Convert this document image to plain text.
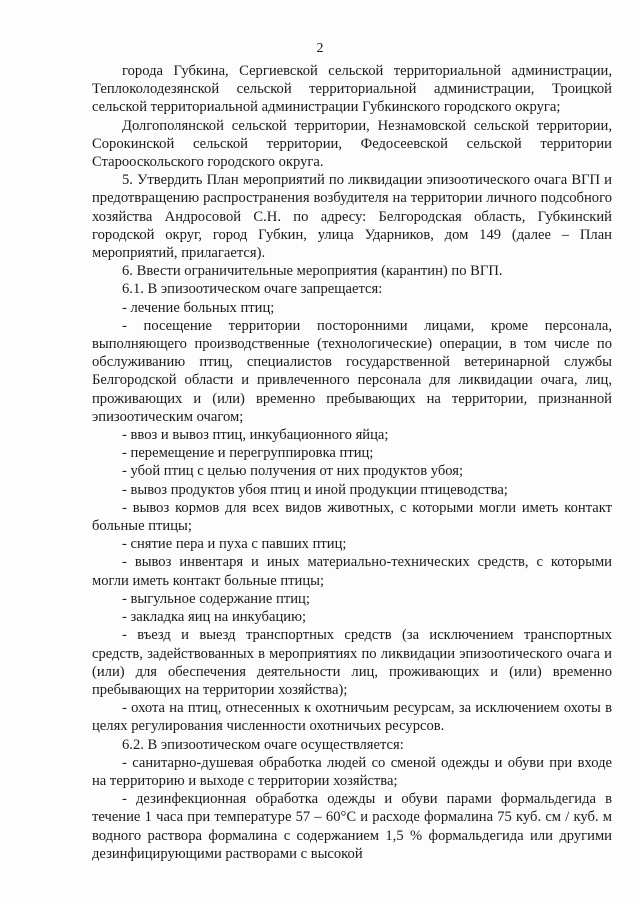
2

города Губкина, Сергиевской сельской территориальной администрации, Теплоколодезянской сельской территориальной администрации, Троицкой сельской территориальной администрации Губкинского городского округа;

Долгополянской сельской территории, Незнамовской сельской территории, Сорокинской сельской территории, Федосеевской сельской территории Старооскольского городского округа.

5. Утвердить План мероприятий по ликвидации эпизоотического очага ВГП и предотвращению распространения возбудителя на территории личного подсобного хозяйства Андросовой С.Н. по адресу: Белгородская область, Губкинский городской округ, город Губкин, улица Ударников, дом 149 (далее – План мероприятий, прилагается).

6. Ввести ограничительные мероприятия (карантин) по ВГП.

6.1. В эпизоотическом очаге запрещается:

- лечение больных птиц;

- посещение территории посторонними лицами, кроме персонала, выполняющего производственные (технологические) операции, в том числе по обслуживанию птиц, специалистов государственной ветеринарной службы Белгородской области и привлеченного персонала для ликвидации очага, лиц, проживающих и (или) временно пребывающих на территории, признанной эпизоотическим очагом;

- ввоз и вывоз птиц, инкубационного яйца;

- перемещение и перегруппировка птиц;

- убой птиц с целью получения от них продуктов убоя;

- вывоз продуктов убоя птиц и иной продукции птицеводства;

- вывоз кормов для всех видов животных, с которыми могли иметь контакт больные птицы;

- снятие пера и пуха с павших птиц;

- вывоз инвентаря и иных материально-технических средств, с которыми могли иметь контакт больные птицы;

- выгульное содержание птиц;

- закладка яиц на инкубацию;

- въезд и выезд транспортных средств (за исключением транспортных средств, задействованных в мероприятиях по ликвидации эпизоотического очага и (или) для обеспечения деятельности лиц, проживающих и (или) временно пребывающих на территории хозяйства);

- охота на птиц, отнесенных к охотничьим ресурсам, за исключением охоты в целях регулирования численности охотничьих ресурсов.

6.2. В эпизоотическом очаге осуществляется:

- санитарно-душевая обработка людей со сменой одежды и обуви при входе на территорию и выходе с территории хозяйства;

- дезинфекционная обработка одежды и обуви парами формальдегида в течение 1 часа при температуре 57 – 60°С и расходе формалина 75 куб. см / куб. м водного раствора формалина с содержанием 1,5 % формальдегида или другими дезинфицирующими растворами с высокой
